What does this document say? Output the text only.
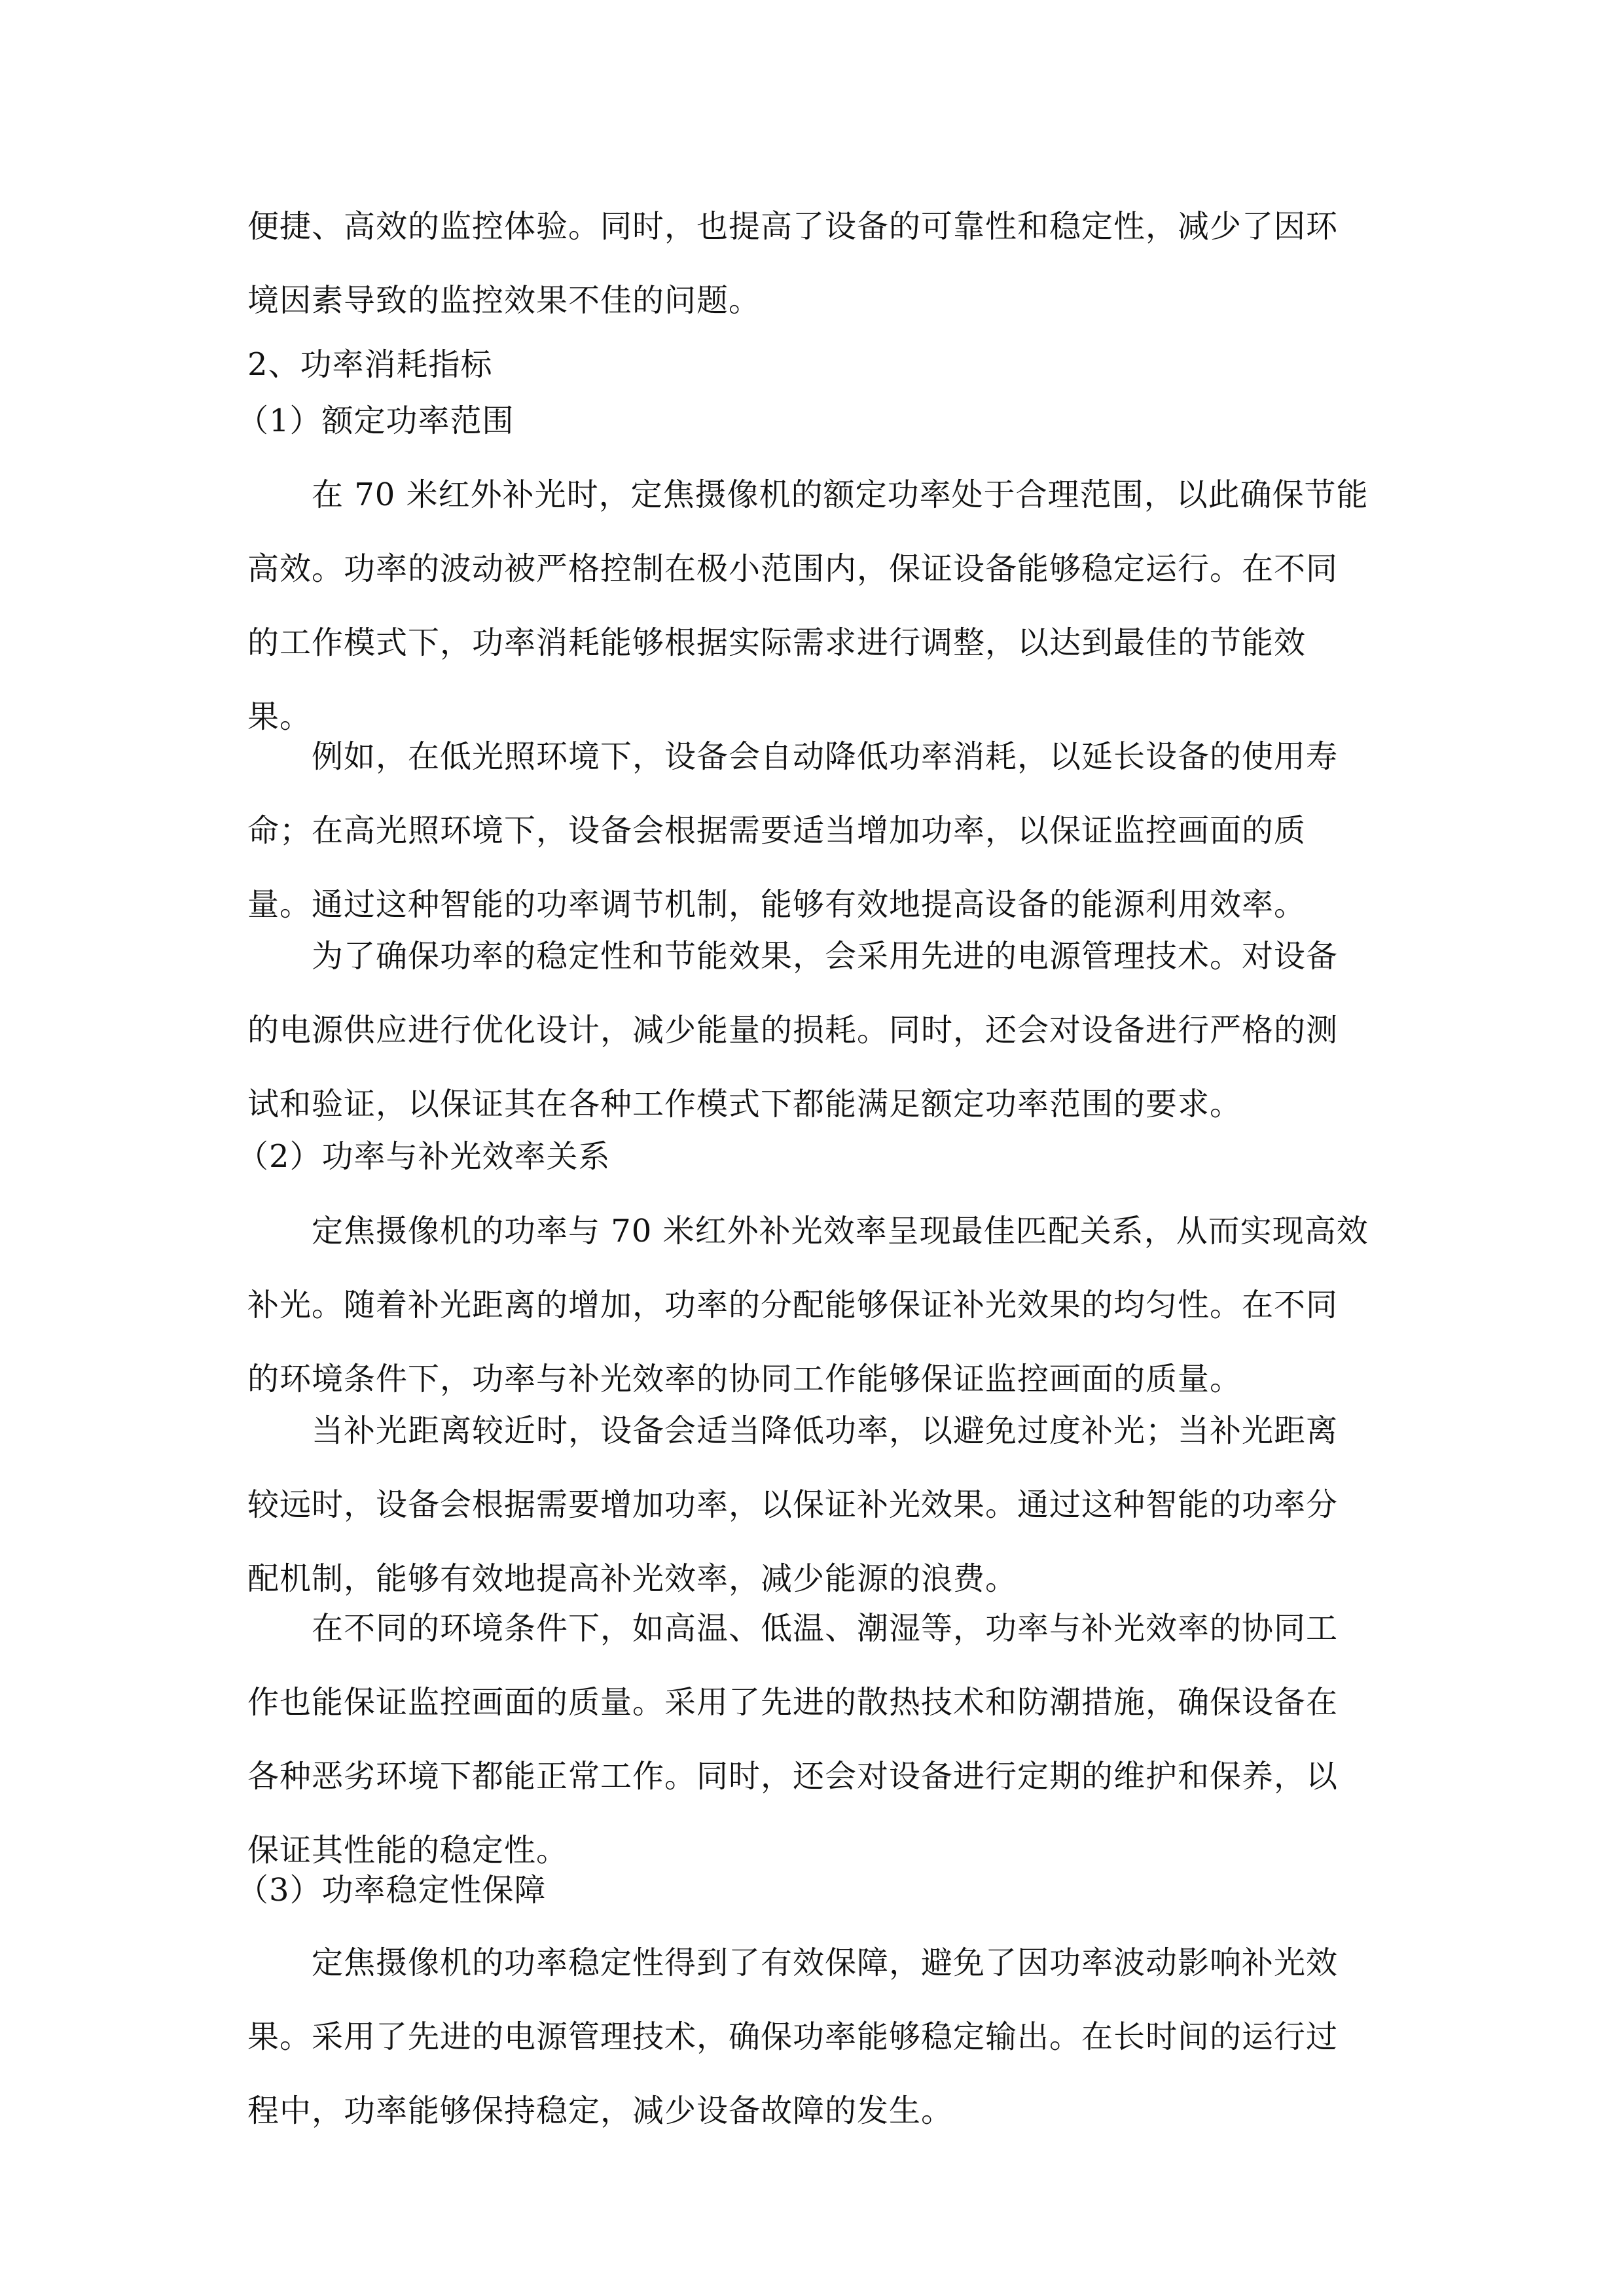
便捷、高效的监控体验。同时，也提高了设备的可靠性和稳定性，减少了因环
境因素导致的监控效果不佳的问题。
2、功率消耗指标
（1）额定功率范围
在 70 米红外补光时，定焦摄像机的额定功率处于合理范围，以此确保节能
高效。功率的波动被严格控制在极小范围内，保证设备能够稳定运行。在不同
的工作模式下，功率消耗能够根据实际需求进行调整，以达到最佳的节能效
果。
例如，在低光照环境下，设备会自动降低功率消耗，以延长设备的使用寿
命；在高光照环境下，设备会根据需要适当增加功率，以保证监控画面的质
量。通过这种智能的功率调节机制，能够有效地提高设备的能源利用效率。
为了确保功率的稳定性和节能效果，会采用先进的电源管理技术。对设备
的电源供应进行优化设计，减少能量的损耗。同时，还会对设备进行严格的测
试和验证，以保证其在各种工作模式下都能满足额定功率范围的要求。
（2）功率与补光效率关系
定焦摄像机的功率与 70 米红外补光效率呈现最佳匹配关系，从而实现高效
补光。随着补光距离的增加，功率的分配能够保证补光效果的均匀性。在不同
的环境条件下，功率与补光效率的协同工作能够保证监控画面的质量。
当补光距离较近时，设备会适当降低功率，以避免过度补光；当补光距离
较远时，设备会根据需要增加功率，以保证补光效果。通过这种智能的功率分
配机制，能够有效地提高补光效率，减少能源的浪费。
在不同的环境条件下，如高温、低温、潮湿等，功率与补光效率的协同工
作也能保证监控画面的质量。采用了先进的散热技术和防潮措施，确保设备在
各种恶劣环境下都能正常工作。同时，还会对设备进行定期的维护和保养，以
保证其性能的稳定性。
（3）功率稳定性保障
定焦摄像机的功率稳定性得到了有效保障，避免了因功率波动影响补光效
果。采用了先进的电源管理技术，确保功率能够稳定输出。在长时间的运行过
程中，功率能够保持稳定，减少设备故障的发生。
